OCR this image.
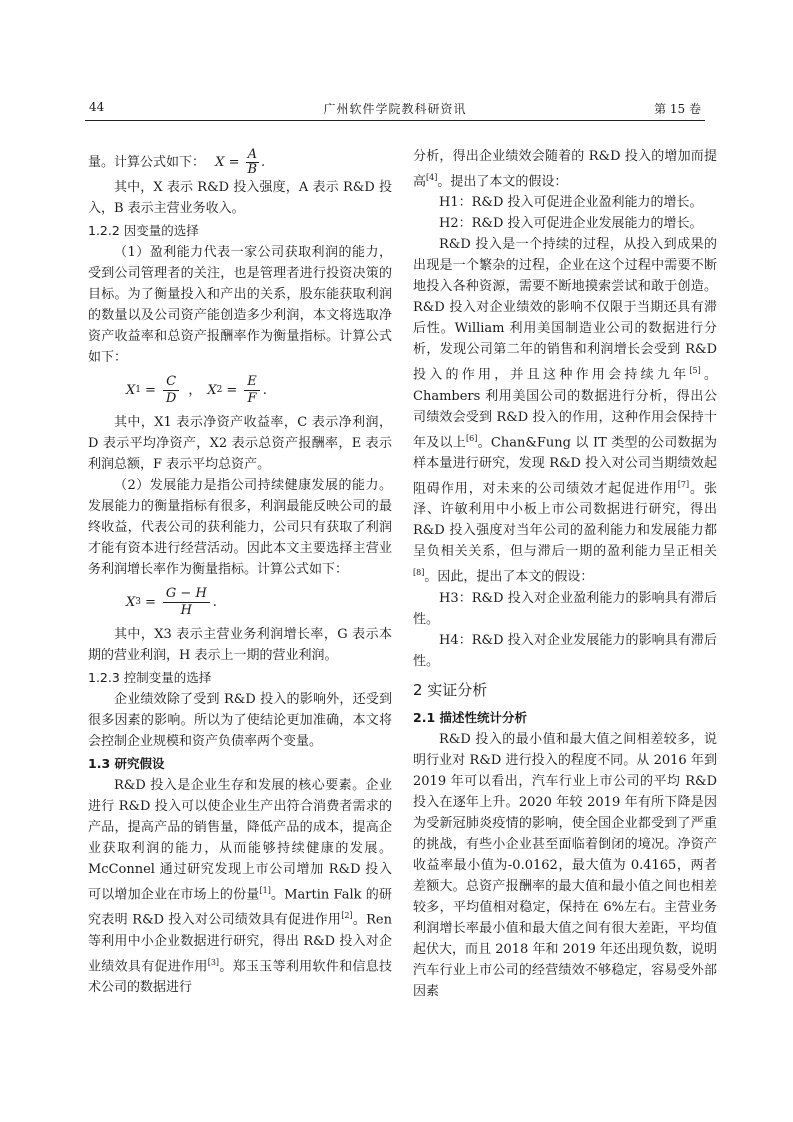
44	广州软件学院教科研资讯	第 15 卷

量。计算公式如下： $X = \frac{A}{B}$ .

其中，X 表示 R&D 投入强度，A 表示 R&D 投入，B 表示主营业务收入。

1.2.2 因变量的选择

（1）盈利能力代表一家公司获取利润的能力，受到公司管理者的关注，也是管理者进行投资决策的目标。为了衡量投入和产出的关系，股东能获取利润的数量以及公司资产能创造多少利润，本文将选取净资产收益率和总资产报酬率作为衡量指标。计算公式如下：

X $1 = \frac{C}{D}$ ， X $2 = \frac{E}{F}$ .

其中，X1 表示净资产收益率，C 表示净利润，D 表示平均净资产，X2 表示总资产报酬率，E 表示利润总额，F 表示平均总资产。

（2）发展能力是指公司持续健康发展的能力。发展能力的衡量指标有很多，利润最能反映公司的最终收益，代表公司的获利能力，公司只有获取了利润才能有资本进行经营活动。因此本文主要选择主营业务利润增长率作为衡量指标。计算公式如下：

X $3 = \frac{G - H}{H}$ .

其中，X3 表示主营业务利润增长率，G 表示本期的营业利润，H 表示上一期的营业利润。

1.2.3 控制变量的选择

企业绩效除了受到 R&D 投入的影响外，还受到很多因素的影响。所以为了使结论更加准确，本文将会控制企业规模和资产负债率两个变量。

1.3 研究假设

R&D 投入是企业生存和发展的核心要素。企业进行 R&D 投入可以使企业生产出符合消费者需求的产品，提高产品的销售量，降低产品的成本，提高企业获取利润的能力，从而能够持续健康的发展。McConnel 通过研究发现上市公司增加 R&D 投入可以增加企业在市场上的份量[1]。Martin Falk 的研究表明 R&D 投入对公司绩效具有促进作用[2]。Ren 等利用中小企业数据进行研究，得出 R&D 投入对企业绩效具有促进作用[3]。郑玉玉等利用软件和信息技术公司的数据进行

分析，得出企业绩效会随着的 R&D 投入的增加而提高[4]。提出了本文的假设：

H1：R&D 投入可促进企业盈利能力的增长。

H2：R&D 投入可促进企业发展能力的增长。

R&D 投入是一个持续的过程，从投入到成果的出现是一个繁杂的过程，企业在这个过程中需要不断地投入各种资源，需要不断地摸索尝试和敢于创造。R&D 投入对企业绩效的影响不仅限于当期还具有滞后性。William 利用美国制造业公司的数据进行分析，发现公司第二年的销售和利润增长会受到 R&D 投入的作用，并且这种作用会持续九年[5]。Chambers 利用美国公司的数据进行分析，得出公司绩效会受到 R&D 投入的作用，这种作用会保持十年及以上[6]。Chan&Fung 以 IT 类型的公司数据为样本量进行研究，发现 R&D 投入对公司当期绩效起阻碍作用，对未来的公司绩效才起促进作用[7]。张泽、许敏利用中小板上市公司数据进行研究，得出 R&D 投入强度对当年公司的盈利能力和发展能力都呈负相关关系，但与滞后一期的盈利能力呈正相关[8]。因此，提出了本文的假设：

H3：R&D 投入对企业盈利能力的影响具有滞后性。

H4：R&D 投入对企业发展能力的影响具有滞后性。

2 实证分析

2.1 描述性统计分析

R&D 投入的最小值和最大值之间相差较多，说明行业对 R&D 进行投入的程度不同。从 2016 年到 2019 年可以看出，汽车行业上市公司的平均 R&D 投入在逐年上升。2020 年较 2019 年有所下降是因为受新冠肺炎疫情的影响，使全国企业都受到了严重的挑战，有些小企业甚至面临着倒闭的境况。净资产收益率最小值为-0.0162，最大值为 0.4165，两者差额大。总资产报酬率的最大值和最小值之间也相差较多，平均值相对稳定，保持在 6%左右。主营业务利润增长率最小值和最大值之间有很大差距，平均值起伏大，而且 2018 年和 2019 年还出现负数，说明汽车行业上市公司的经营绩效不够稳定，容易受外部因素
